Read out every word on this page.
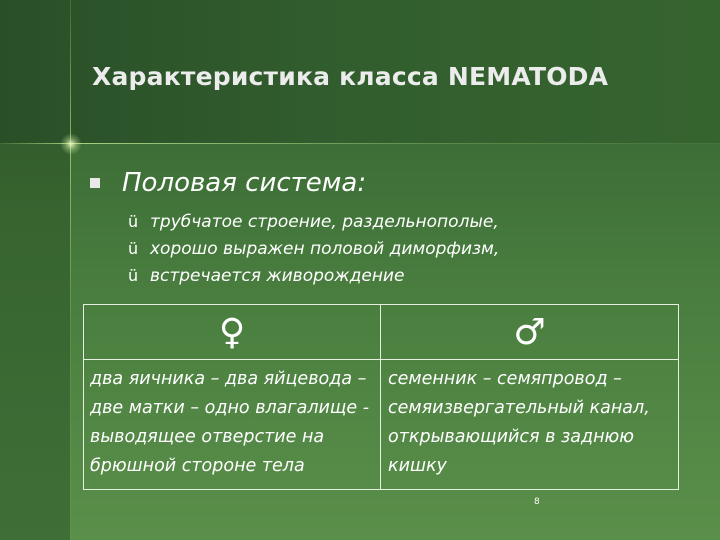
Характеристика класса NEMATODA
Половая система:
ü трубчатое строение, раздельнополые,
ü хорошо выражен половой диморфизм,
ü встречается живорождение
♀	♂
два яичника – два яйцевода –
две матки – одно влагалище -
выводящее отверстие на
брюшной стороне тела
семенник – семяпровод –
семяизвергательный канал,
открывающийся в заднюю
кишку
8
